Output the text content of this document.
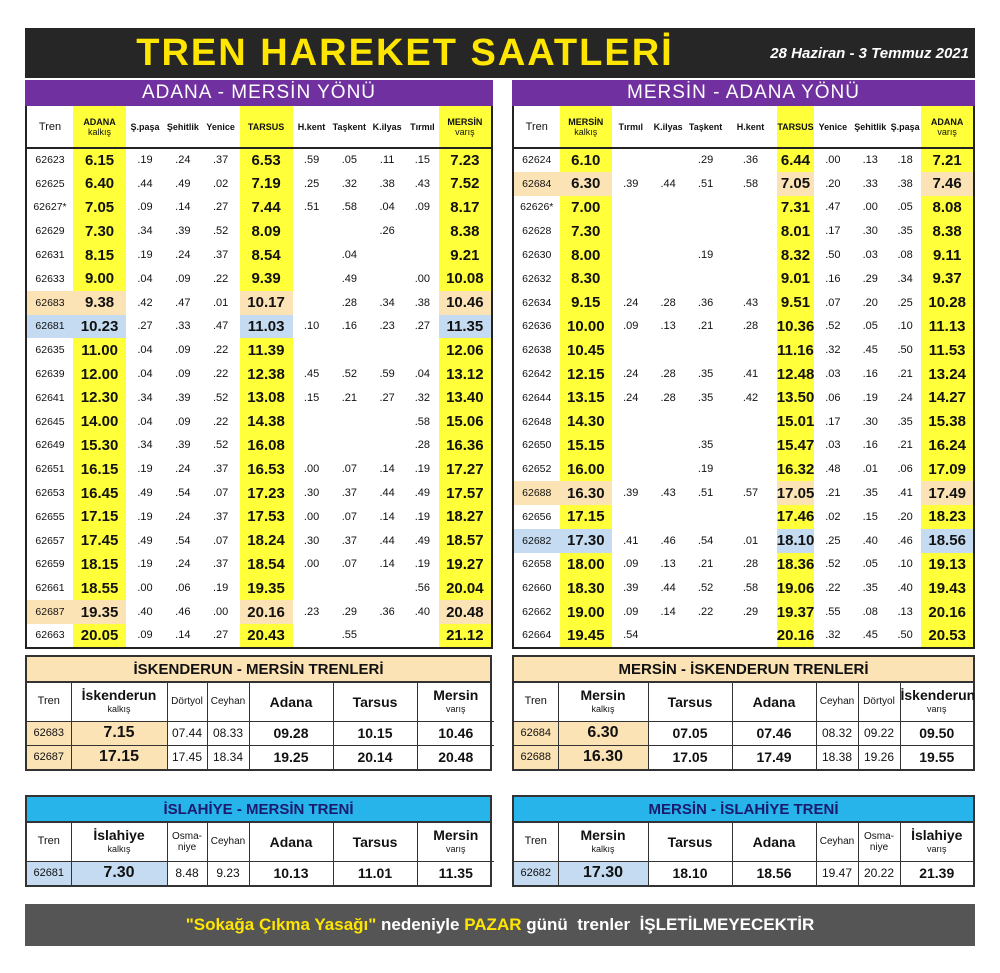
TREN HAREKET SAATLERİ	28 Haziran - 3 Temmuz 2021
ADANA - MERSİN YÖNÜ
Tren	ADANA
kalkış	Ş.paşa	Şehitlik	Yenice	TARSUS	H.kent	Taşkent	K.ilyas	Tırmıl	MERSİN
varış

62623	6.15	.19	.24	.37	6.53	.59	.05	.11	.15	7.23
62625	6.40	.44	.49	.02	7.19	.25	.32	.38	.43	7.52
62627*	7.05	.09	.14	.27	7.44	.51	.58	.04	.09	8.17
62629	7.30	.34	.39	.52	8.09			.26		8.38
62631	8.15	.19	.24	.37	8.54		.04			9.21
62633	9.00	.04	.09	.22	9.39		.49		.00	10.08
62683	9.38	.42	.47	.01	10.17		.28	.34	.38	10.46
62681	10.23	.27	.33	.47	11.03	.10	.16	.23	.27	11.35
62635	11.00	.04	.09	.22	11.39					12.06
62639	12.00	.04	.09	.22	12.38	.45	.52	.59	.04	13.12
62641	12.30	.34	.39	.52	13.08	.15	.21	.27	.32	13.40
62645	14.00	.04	.09	.22	14.38				.58	15.06
62649	15.30	.34	.39	.52	16.08				.28	16.36
62651	16.15	.19	.24	.37	16.53	.00	.07	.14	.19	17.27
62653	16.45	.49	.54	.07	17.23	.30	.37	.44	.49	17.57
62655	17.15	.19	.24	.37	17.53	.00	.07	.14	.19	18.27
62657	17.45	.49	.54	.07	18.24	.30	.37	.44	.49	18.57
62659	18.15	.19	.24	.37	18.54	.00	.07	.14	.19	19.27
62661	18.55	.00	.06	.19	19.35				.56	20.04
62687	19.35	.40	.46	.00	20.16	.23	.29	.36	.40	20.48
62663	20.05	.09	.14	.27	20.43		.55			21.12
MERSİN - ADANA YÖNÜ
Tren	MERSİN
kalkış	Tırmıl	K.ilyas	Taşkent	H.kent	TARSUS	Yenice	Şehitlik	Ş.paşa	ADANA
varış

62624	6.10			.29	.36	6.44	.00	.13	.18	7.21
62684	6.30	.39	.44	.51	.58	7.05	.20	.33	.38	7.46
62626*	7.00					7.31	.47	.00	.05	8.08
62628	7.30					8.01	.17	.30	.35	8.38
62630	8.00			.19		8.32	.50	.03	.08	9.11
62632	8.30					9.01	.16	.29	.34	9.37
62634	9.15	.24	.28	.36	.43	9.51	.07	.20	.25	10.28
62636	10.00	.09	.13	.21	.28	10.36	.52	.05	.10	11.13
62638	10.45					11.16	.32	.45	.50	11.53
62642	12.15	.24	.28	.35	.41	12.48	.03	.16	.21	13.24
62644	13.15	.24	.28	.35	.42	13.50	.06	.19	.24	14.27
62648	14.30					15.01	.17	.30	.35	15.38
62650	15.15			.35		15.47	.03	.16	.21	16.24
62652	16.00			.19		16.32	.48	.01	.06	17.09
62688	16.30	.39	.43	.51	.57	17.05	.21	.35	.41	17.49
62656	17.15					17.46	.02	.15	.20	18.23
62682	17.30	.41	.46	.54	.01	18.10	.25	.40	.46	18.56
62658	18.00	.09	.13	.21	.28	18.36	.52	.05	.10	19.13
62660	18.30	.39	.44	.52	.58	19.06	.22	.35	.40	19.43
62662	19.00	.09	.14	.22	.29	19.37	.55	.08	.13	20.16
62664	19.45	.54				20.16	.32	.45	.50	20.53
İSKENDERUN - MERSİN TRENLERİ
Tren	İskenderun
kalkış	Dörtyol	Ceyhan	Adana	Tarsus	Mersin
varış

62683	7.15	07.44	08.33	09.28	10.15	10.46
62687	17.15	17.45	18.34	19.25	20.14	20.48
MERSİN - İSKENDERUN TRENLERİ
Tren	Mersin
kalkış	Tarsus	Adana	Ceyhan	Dörtyol	İskenderun
varış

62684	6.30	07.05	07.46	08.32	09.22	09.50
62688	16.30	17.05	17.49	18.38	19.26	19.55
İSLAHİYE - MERSİN TRENİ
Tren	İslahiye
kalkış	Osma-
niye	Ceyhan	Adana	Tarsus	Mersin
varış

62681	7.30	8.48	9.23	10.13	11.01	11.35
MERSİN - İSLAHİYE TRENİ
Tren	Mersin
kalkış	Tarsus	Adana	Ceyhan	Osma-
niye	İslahiye
varış

62682	17.30	18.10	18.56	19.47	20.22	21.39
"Sokağa Çıkma Yasağı" nedeniyle PAZAR günü  trenler  İŞLETİLMEYECEKTİR
